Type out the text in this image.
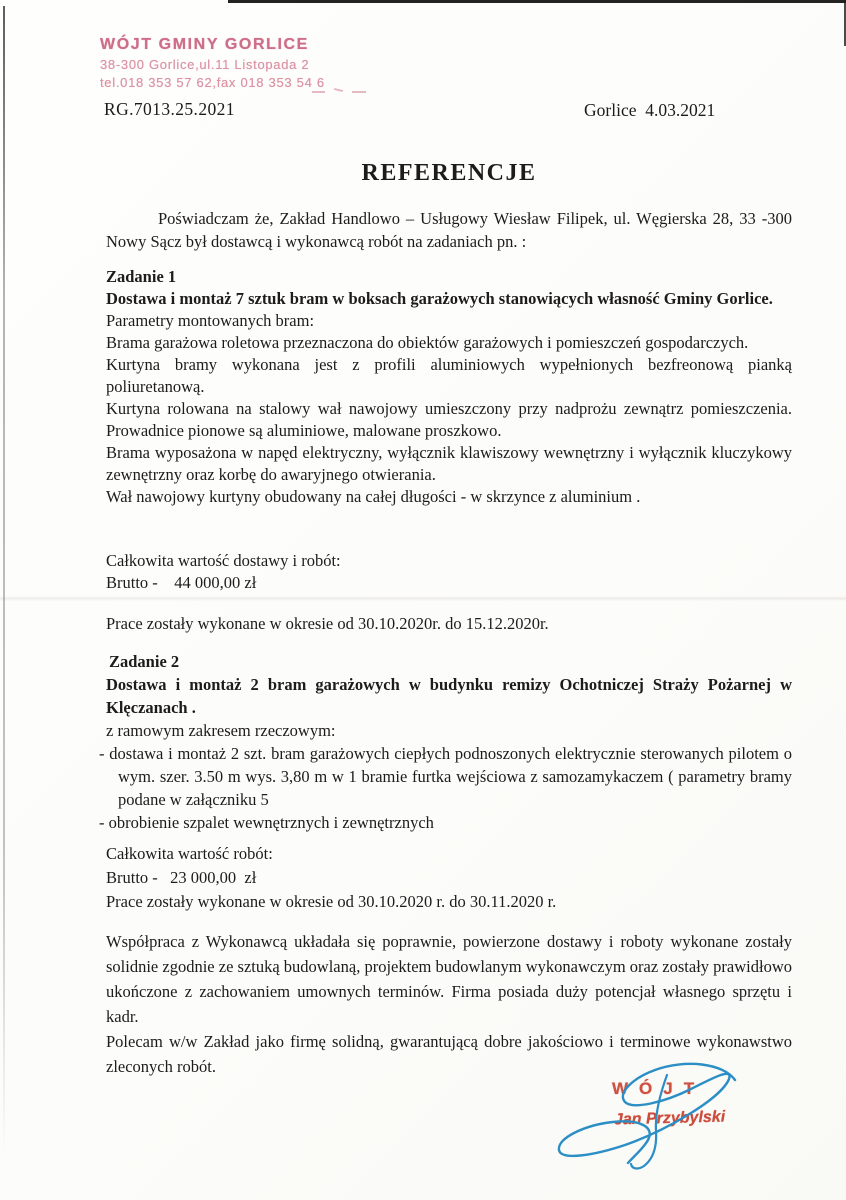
WÓJT GMINY GORLICE
38-300 Gorlice,ul.11 Listopada 2
tel.018 353 57 62,fax 018 353 54 6
RG.7013.25.2021	Gorlice  4.03.2021
REFERENCJE

Poświadczam że, Zakład Handlowo – Usługowy Wiesław Filipek, ul. Węgierska 28, 33 -300 Nowy Sącz był dostawcą i wykonawcą robót na zadaniach pn. :

Zadanie 1

Dostawa i montaż 7 sztuk bram w boksach garażowych stanowiących własność Gminy Gorlice.

Parametry montowanych bram:

Brama garażowa roletowa przeznaczona do obiektów garażowych i pomieszczeń gospodarczych.

Kurtyna bramy wykonana jest z profili aluminiowych wypełnionych bezfreonową pianką poliuretanową.

Kurtyna rolowana na stalowy wał nawojowy umieszczony przy nadprożu zewnątrz pomieszczenia. Prowadnice pionowe są aluminiowe, malowane proszkowo.

Brama wyposażona w napęd elektryczny, wyłącznik klawiszowy wewnętrzny i wyłącznik kluczykowy zewnętrzny oraz korbę do awaryjnego otwierania.

Wał nawojowy kurtyny obudowany na całej długości - w skrzynce z aluminium .

Całkowita wartość dostawy i robót:

Brutto -    44 000,00 zł

Prace zostały wykonane w okresie od 30.10.2020r. do 15.12.2020r.

Zadanie 2

Dostawa i montaż 2 bram garażowych w budynku remizy Ochotniczej Straży Pożarnej w Klęczanach .

z ramowym zakresem rzeczowym:

- dostawa i montaż 2 szt. bram garażowych ciepłych podnoszonych elektrycznie sterowanych pilotem o wym. szer. 3.50 m wys. 3,80 m w 1 bramie furtka wejściowa z samozamykaczem ( parametry bramy podane w załączniku 5

- obrobienie szpalet wewnętrznych i zewnętrznych

Całkowita wartość robót:

Brutto -   23 000,00  zł

Prace zostały wykonane w okresie od 30.10.2020 r. do 30.11.2020 r.

Współpraca z Wykonawcą układała się poprawnie, powierzone dostawy i roboty wykonane zostały solidnie zgodnie ze sztuką budowlaną, projektem budowlanym wykonawczym oraz zostały prawidłowo ukończone z zachowaniem umownych terminów. Firma posiada duży potencjał własnego sprzętu i kadr.

Polecam w/w Zakład jako firmę solidną, gwarantującą dobre jakościowo i terminowe wykonawstwo zleconych robót.

WÓJT
Jan Przybylski
